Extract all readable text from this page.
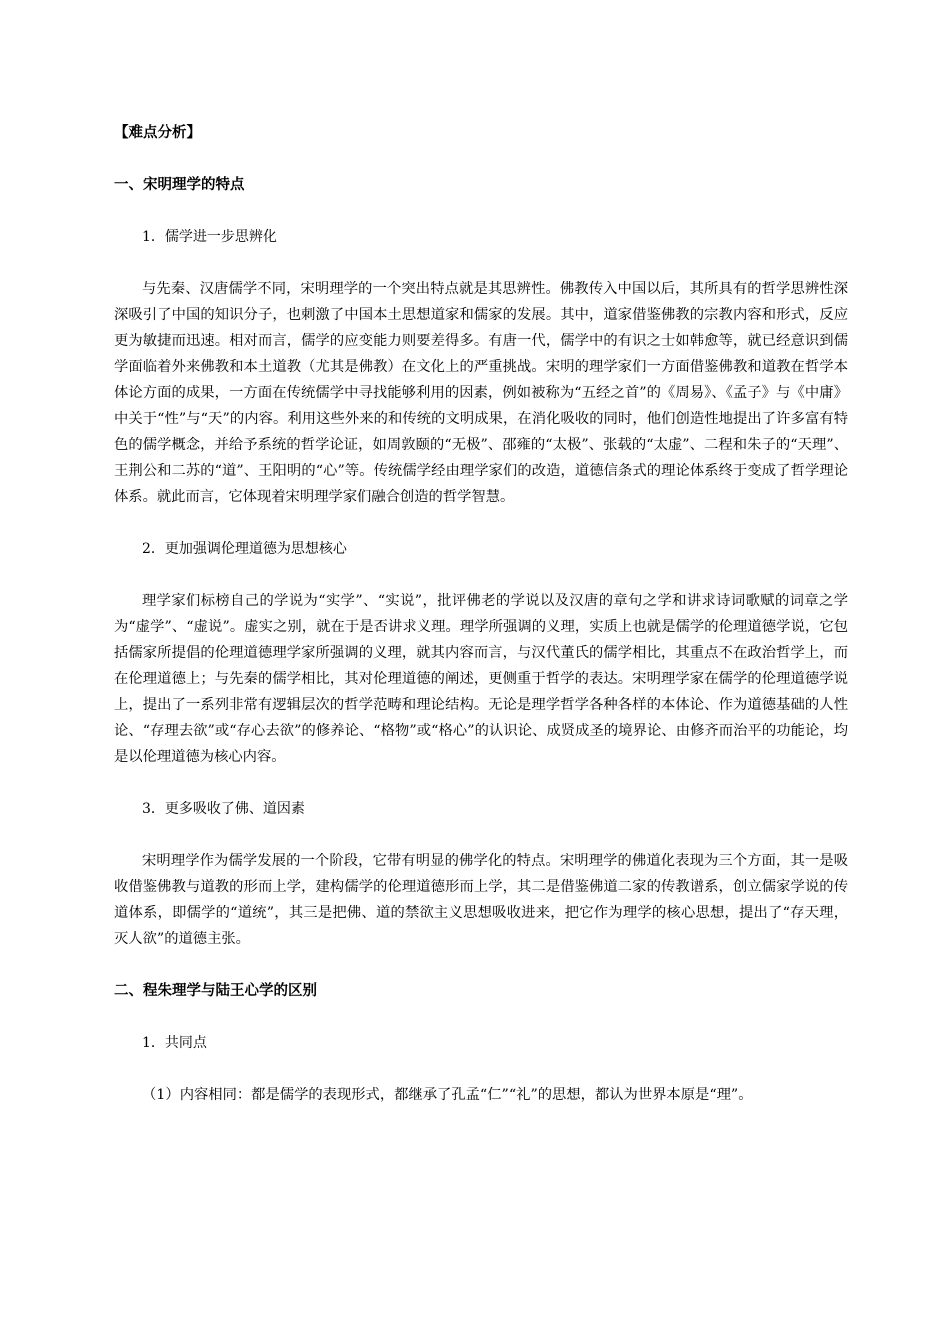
【难点分析】

一、宋明理学的特点

1．儒学进一步思辨化

与先秦、汉唐儒学不同，宋明理学的一个突出特点就是其思辨性。佛教传入中国以后，其所具有的哲学思辨性深深吸引了中国的知识分子，也刺激了中国本土思想道家和儒家的发展。其中，道家借鉴佛教的宗教内容和形式，反应更为敏捷而迅速。相对而言，儒学的应变能力则要差得多。有唐一代，儒学中的有识之士如韩愈等，就已经意识到儒学面临着外来佛教和本土道教（尤其是佛教）在文化上的严重挑战。宋明的理学家们一方面借鉴佛教和道教在哲学本体论方面的成果，一方面在传统儒学中寻找能够利用的因素，例如被称为“五经之首”的《周易》、《孟子》与《中庸》中关于“性”与“天”的内容。利用这些外来的和传统的文明成果，在消化吸收的同时，他们创造性地提出了许多富有特色的儒学概念，并给予系统的哲学论证，如周敦颐的“无极”、邵雍的“太极”、张载的“太虚”、二程和朱子的“天理”、王荆公和二苏的“道”、王阳明的“心”等。传统儒学经由理学家们的改造，道德信条式的理论体系终于变成了哲学理论体系。就此而言，它体现着宋明理学家们融合创造的哲学智慧。

2．更加强调伦理道德为思想核心

理学家们标榜自己的学说为“实学”、“实说”，批评佛老的学说以及汉唐的章句之学和讲求诗词歌赋的词章之学为“虚学”、“虚说”。虚实之别，就在于是否讲求义理。理学所强调的义理，实质上也就是儒学的伦理道德学说，它包括儒家所提倡的伦理道德理学家所强调的义理，就其内容而言，与汉代董氏的儒学相比，其重点不在政治哲学上，而在伦理道德上；与先秦的儒学相比，其对伦理道德的阐述，更侧重于哲学的表达。宋明理学家在儒学的伦理道德学说上，提出了一系列非常有逻辑层次的哲学范畴和理论结构。无论是理学哲学各种各样的本体论、作为道德基础的人性论、“存理去欲”或“存心去欲”的修养论、“格物”或“格心”的认识论、成贤成圣的境界论、由修齐而治平的功能论，均是以伦理道德为核心内容。

3．更多吸收了佛、道因素

宋明理学作为儒学发展的一个阶段，它带有明显的佛学化的特点。宋明理学的佛道化表现为三个方面，其一是吸收借鉴佛教与道教的形而上学，建构儒学的伦理道德形而上学，其二是借鉴佛道二家的传教谱系，创立儒家学说的传道体系，即儒学的“道统”，其三是把佛、道的禁欲主义思想吸收进来，把它作为理学的核心思想，提出了“存天理，灭人欲”的道德主张。

二、程朱理学与陆王心学的区别

1．共同点

（1）内容相同：都是儒学的表现形式，都继承了孔孟“仁”“礼”的思想，都认为世界本原是“理”。
